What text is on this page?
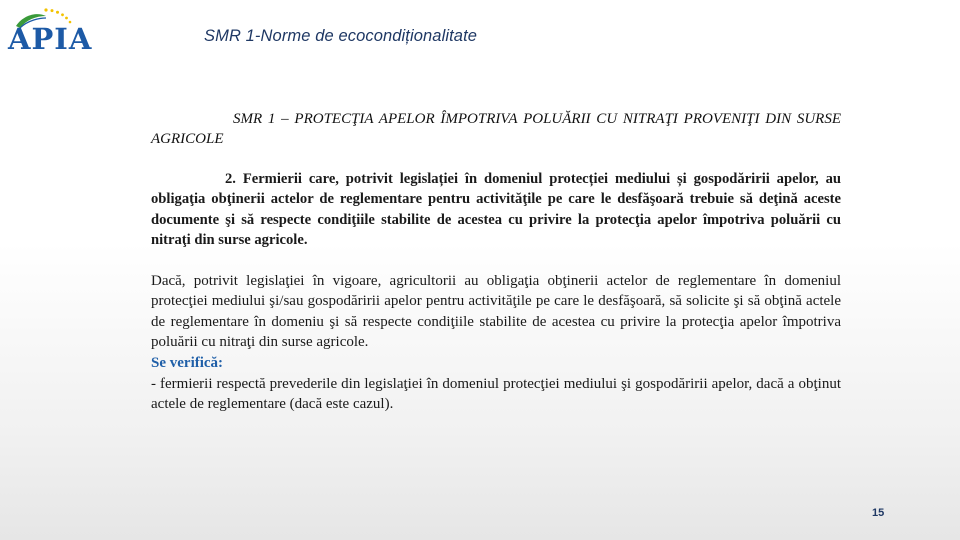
APIA	SMR 1-Norme de ecocondiționalitate

SMR 1 – PROTECŢIA APELOR ÎMPOTRIVA POLUĂRII CU NITRAŢI PROVENIŢI DIN SURSE AGRICOLE

2. Fermierii care, potrivit legislației în domeniul protecției mediului și gospodăririi apelor, au obligaţia obţinerii actelor de reglementare pentru activităţile pe care le desfăşoară trebuie să deţină aceste documente şi să respecte condiţiile stabilite de acestea cu privire la protecţia apelor împotriva poluării cu nitraţi din surse agricole.

Dacă, potrivit legislaţiei în vigoare, agricultorii au obligaţia obţinerii actelor de reglementare în domeniul protecţiei mediului şi/sau gospodăririi apelor pentru activităţile pe care le desfăşoară, să solicite şi să obţină actele de reglementare în domeniu şi să respecte condiţiile stabilite de acestea cu privire la protecţia apelor împotriva poluării cu nitraţi din surse agricole.

Se verifică:

- fermierii respectă prevederile din legislaţiei în domeniul protecţiei mediului şi gospodăririi apelor, dacă a obţinut actele de reglementare (dacă este cazul).

15
